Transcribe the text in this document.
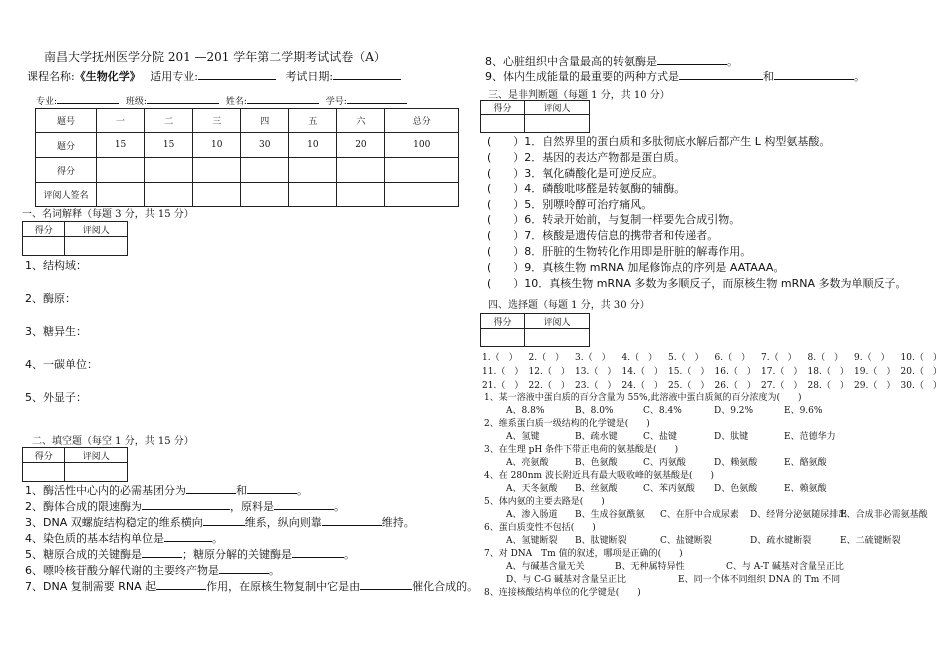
南昌大学抚州医学分院 201 —201 学年第二学期考试试卷（A）
课程名称:《生物化学》 适用专业:	考试日期:
专业:	班级:	姓名:	学号:
题号	一	二	三	四	五	六	总分
题分	15	15	10	30	10	20	100
得分							
评阅人签名							
一、名词解释（每题 3 分，共 15 分）
得分	评阅人

1、结构域：
2、酶原：
3、糖异生：
4、一碳单位：
5、外显子：
二、填空题（每空 1 分，共 15 分）
得分	评阅人

1、酶活性中心内的必需基团分为	和	。
2、酶体合成的限速酶为	，原料是	。
3、DNA 双螺旋结构稳定的维系横向	维系，纵向则靠	维持。
4、染色质的基本结构单位是	。
5、糖原合成的关键酶是	；糖原分解的关键酶是	。
6、嘌呤核苷酸分解代谢的主要终产物是	。
7、DNA 复制需要 RNA 起	作用，在原核生物复制中它是由	催化合成的。
8、心脏组织中含量最高的转氨酶是	。
9、体内生成能量的最重要的两种方式是	和	。
三、是非判断题（每题 1 分，共 10 分）
得分	评阅人

(　　）1．自然界里的蛋白质和多肽彻底水解后都产生 L 构型氨基酸。
(　　）2．基因的表达产物都是蛋白质。
(　　）3．氧化磷酸化是可逆反应。
(　　）4．磷酸吡哆醛是转氨酶的辅酶。
(　　）5．别嘌呤醇可治疗痛风。
(　　）6．转录开始前，与复制一样要先合成引物。
(　　）7．核酸是遗传信息的携带者和传递者。
(　　）8．肝脏的生物转化作用即是肝脏的解毒作用。
(　　）9．真核生物 mRNA 加尾修饰点的序列是 AATAAA。
(　　）10．真核生物 mRNA 多数为多顺反子，而原核生物 mRNA 多数为单顺反子。
四、选择题（每题 1 分，共 30 分）
得分	评阅人

1.（　） 2.（　） 3.（　） 4.（　） 5.（　） 6.（　） 7.（　） 8.（　） 9.（　） 10.（　）
11.（　） 12.（　） 13.（　） 14.（　） 15.（　） 16.（　） 17.（　） 18.（　） 19.（　） 20.（　）
21.（　） 22.（　） 23.（　） 24.（　） 25.（　） 26.（　） 27.（　） 28.（　） 29.（　） 30.（　）
1、某一溶液中蛋白质的百分含量为 55%,此溶液中蛋白质氮的百分浓度为(　　)
A、8.8%	B、8.0%	C、8.4%	D、9.2%	E、9.6%
2、维系蛋白质一级结构的化学键是(　　)
A、氢键	B、疏水键	C、盐键	D、肽键	E、范德华力
3、在生理 pH 条件下带正电荷的氨基酸是(　　)
A、亮氨酸	B、色氨酸	C、丙氨酸	D、赖氨酸	E、酪氨酸
4、在 280nm 波长附近具有最大吸收峰的氨基酸是(　　)
A、天冬氨酸 B、丝氨酸	C、苯丙氨酸 D、色氨酸	E、赖氨酸
5、体内氨的主要去路是(　　)
A、渗入肠道 B、生成谷氨酰氨 C、在肝中合成尿素 D、经肾分泌氨随尿排出
E、合成非必需氨基酸
6、蛋白质变性不包括(　　)
A、氢键断裂 B、肽键断裂	C、盐键断裂	D、疏水键断裂	E、二硫键断裂
7、对 DNA　Tm 值的叙述，哪项是正确的(　　)
A、与碱基含量无关	B、无种属特异性	C、与 A-T 碱基对含量呈正比
D、与 C-G 碱基对含量呈正比	E、同一个体不同组织 DNA 的 Tm 不同
8、连接核酸结构单位的化学键是(　　)
